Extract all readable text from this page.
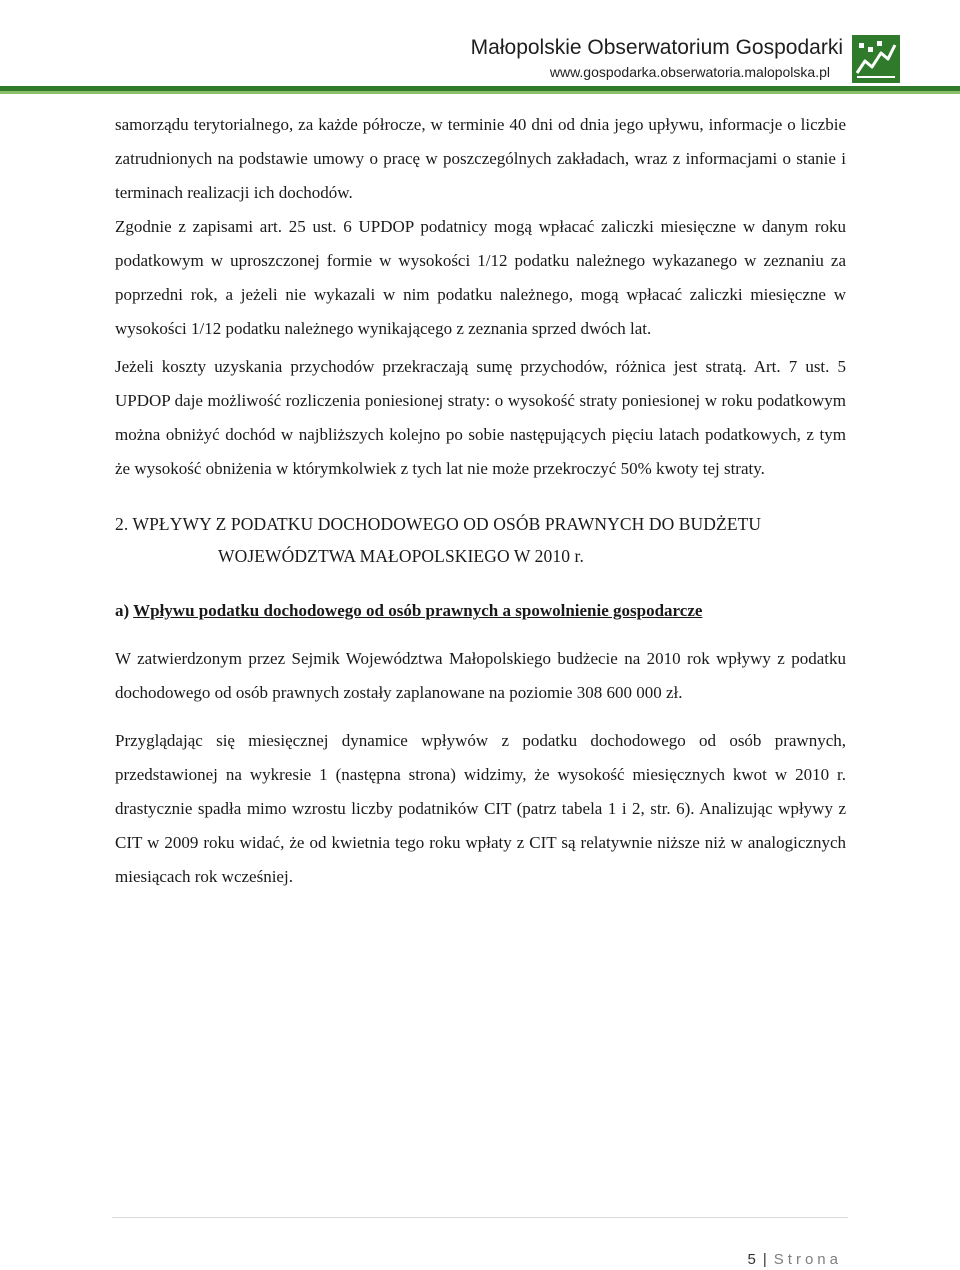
Małopolskie Obserwatorium Gospodarki
www.gospodarka.obserwatoria.malopolska.pl

samorządu terytorialnego, za każde półrocze, w terminie 40 dni od dnia jego upływu, informacje o liczbie zatrudnionych na podstawie umowy o pracę w poszczególnych zakładach, wraz z informacjami o stanie i terminach realizacji ich dochodów.

Zgodnie z zapisami art. 25 ust. 6 UPDOP podatnicy mogą wpłacać zaliczki miesięczne w danym roku podatkowym w uproszczonej formie w wysokości 1/12 podatku należnego wykazanego w zeznaniu za poprzedni rok, a jeżeli nie wykazali w nim podatku należnego, mogą wpłacać zaliczki miesięczne w wysokości 1/12 podatku należnego wynikającego z zeznania sprzed dwóch lat.

Jeżeli koszty uzyskania przychodów przekraczają sumę przychodów, różnica jest stratą. Art. 7 ust. 5 UPDOP daje możliwość rozliczenia poniesionej straty: o wysokość straty poniesionej w roku podatkowym można obniżyć dochód w najbliższych kolejno po sobie następujących pięciu latach podatkowych, z tym że wysokość obniżenia w którymkolwiek z tych lat nie może przekroczyć 50% kwoty tej straty.

2. WPŁYWY Z PODATKU DOCHODOWEGO OD OSÓB PRAWNYCH DO BUDŻETU
WOJEWÓDZTWA MAŁOPOLSKIEGO W 2010 r.

a) Wpływu podatku dochodowego od osób prawnych a spowolnienie gospodarcze

W zatwierdzonym przez Sejmik Województwa Małopolskiego budżecie na 2010 rok wpływy z podatku dochodowego od osób prawnych zostały zaplanowane na poziomie 308 600 000 zł.

Przyglądając się miesięcznej dynamice wpływów z podatku dochodowego od osób prawnych, przedstawionej na wykresie 1 (następna strona) widzimy, że wysokość miesięcznych kwot w 2010 r. drastycznie spadła mimo wzrostu liczby podatników CIT (patrz tabela 1 i 2, str. 6). Analizując wpływy z CIT w 2009 roku widać, że od kwietnia tego roku wpłaty z CIT są relatywnie niższe niż w analogicznych miesiącach rok wcześniej.

5 | Strona
